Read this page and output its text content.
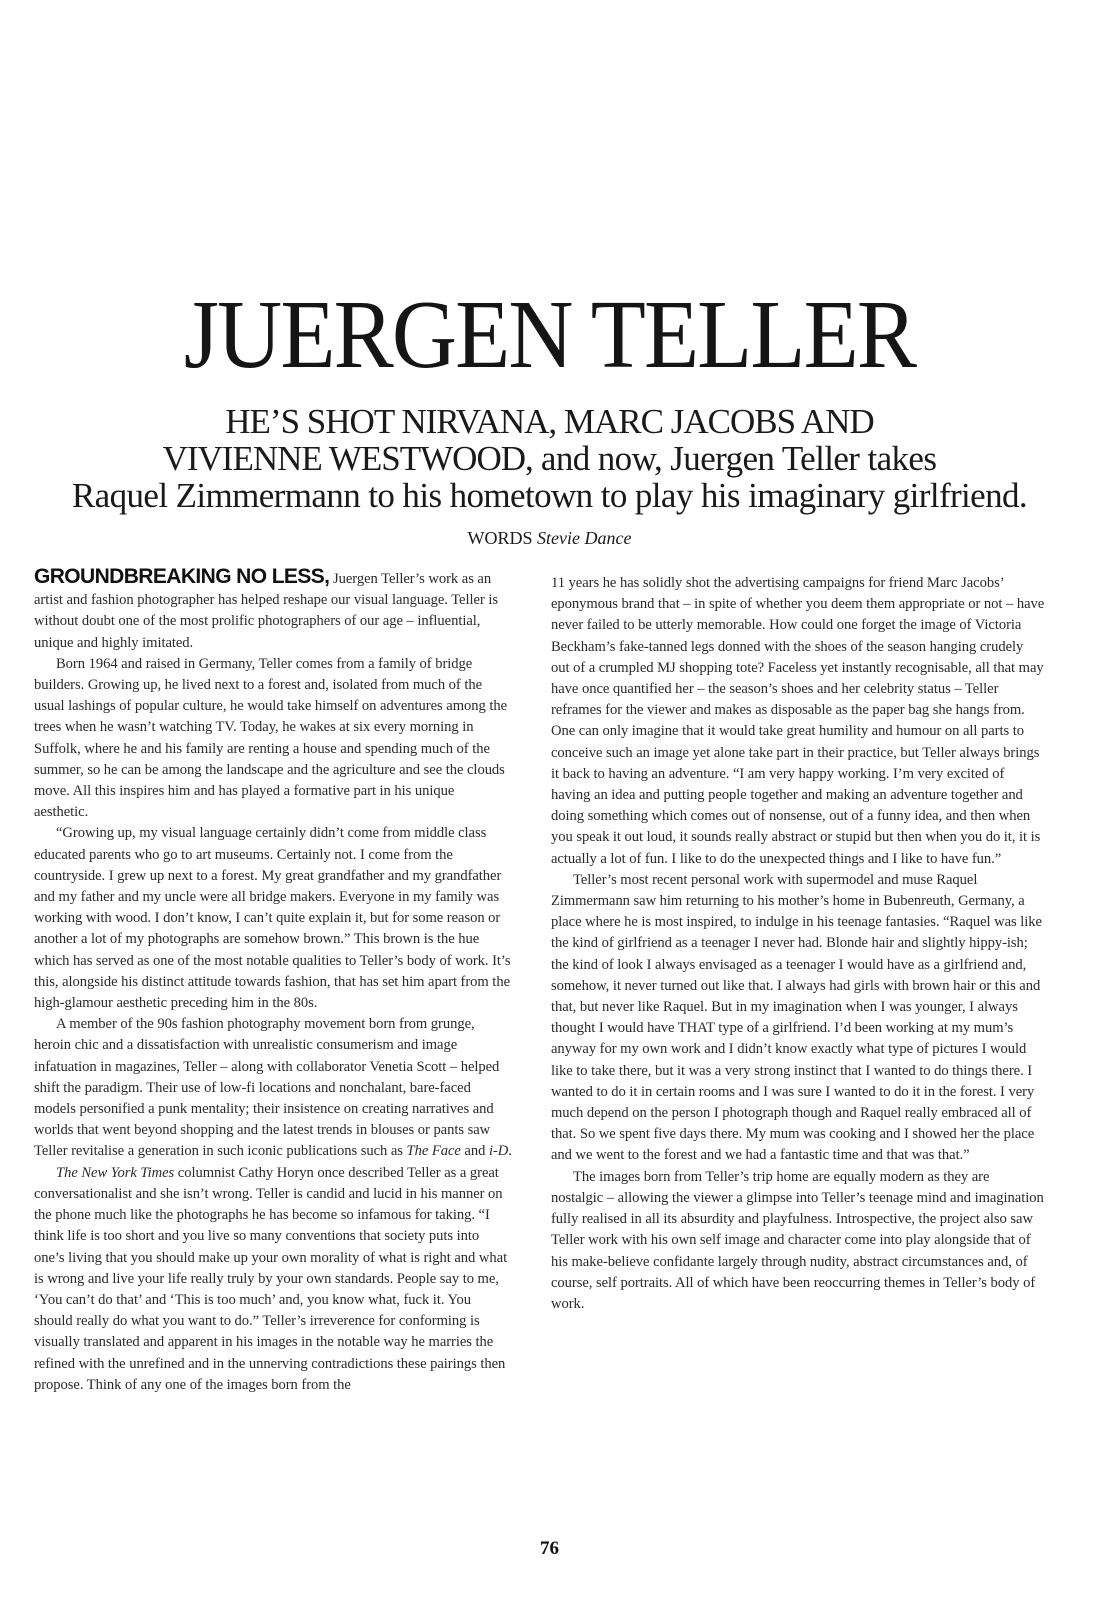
JUERGEN TELLER
HE’S SHOT NIRVANA, MARC JACOBS AND
VIVIENNE WESTWOOD, and now, Juergen Teller takes
Raquel Zimmermann to his hometown to play his imaginary girlfriend.
WORDS Stevie Dance

GROUNDBREAKING NO LESS, Juergen Teller’s work as an artist and fashion photographer has helped reshape our visual language. Teller is without doubt one of the most prolific photographers of our age – influential, unique and highly imitated.

Born 1964 and raised in Germany, Teller comes from a family of bridge builders. Growing up, he lived next to a forest and, isolated from much of the usual lashings of popular culture, he would take himself on adventures among the trees when he wasn’t watching TV. Today, he wakes at six every morning in Suffolk, where he and his family are renting a house and spending much of the summer, so he can be among the landscape and the agriculture and see the clouds move. All this inspires him and has played a formative part in his unique aesthetic.

“Growing up, my visual language certainly didn’t come from middle class educated parents who go to art museums. Certainly not. I come from the countryside. I grew up next to a forest. My great grandfather and my grandfather and my father and my uncle were all bridge makers. Everyone in my family was working with wood. I don’t know, I can’t quite explain it, but for some reason or another a lot of my photographs are somehow brown.” This brown is the hue which has served as one of the most notable qualities to Teller’s body of work. It’s this, alongside his distinct attitude towards fashion, that has set him apart from the high-glamour aesthetic preceding him in the 80s.

A member of the 90s fashion photography movement born from grunge, heroin chic and a dissatisfaction with unrealistic consumerism and image infatuation in magazines, Teller – along with collaborator Venetia Scott – helped shift the paradigm. Their use of low-fi locations and nonchalant, bare-faced models personified a punk mentality; their insistence on creating narratives and worlds that went beyond shopping and the latest trends in blouses or pants saw Teller revitalise a generation in such iconic publications such as The Face and i-D.

The New York Times columnist Cathy Horyn once described Teller as a great conversationalist and she isn’t wrong. Teller is candid and lucid in his manner on the phone much like the photographs he has become so infamous for taking. “I think life is too short and you live so many conventions that society puts into one’s living that you should make up your own morality of what is right and what is wrong and live your life really truly by your own standards. People say to me, ‘You can’t do that’ and ‘This is too much’ and, you know what, fuck it. You should really do what you want to do.” Teller’s irreverence for conforming is visually translated and apparent in his images in the notable way he marries the refined with the unrefined and in the unnerving contradictions these pairings then propose. Think of any one of the images born from the

11 years he has solidly shot the advertising campaigns for friend Marc Jacobs’ eponymous brand that – in spite of whether you deem them appropriate or not – have never failed to be utterly memorable. How could one forget the image of Victoria Beckham’s fake-tanned legs donned with the shoes of the season hanging crudely out of a crumpled MJ shopping tote? Faceless yet instantly recognisable, all that may have once quantified her – the season’s shoes and her celebrity status – Teller reframes for the viewer and makes as disposable as the paper bag she hangs from. One can only imagine that it would take great humility and humour on all parts to conceive such an image yet alone take part in their practice, but Teller always brings it back to having an adventure. “I am very happy working. I’m very excited of having an idea and putting people together and making an adventure together and doing something which comes out of nonsense, out of a funny idea, and then when you speak it out loud, it sounds really abstract or stupid but then when you do it, it is actually a lot of fun. I like to do the unexpected things and I like to have fun.”

Teller’s most recent personal work with supermodel and muse Raquel Zimmermann saw him returning to his mother’s home in Bubenreuth, Germany, a place where he is most inspired, to indulge in his teenage fantasies. “Raquel was like the kind of girlfriend as a teenager I never had. Blonde hair and slightly hippy-ish; the kind of look I always envisaged as a teenager I would have as a girlfriend and, somehow, it never turned out like that. I always had girls with brown hair or this and that, but never like Raquel. But in my imagination when I was younger, I always thought I would have THAT type of a girlfriend. I’d been working at my mum’s anyway for my own work and I didn’t know exactly what type of pictures I would like to take there, but it was a very strong instinct that I wanted to do things there. I wanted to do it in certain rooms and I was sure I wanted to do it in the forest. I very much depend on the person I photograph though and Raquel really embraced all of that. So we spent five days there. My mum was cooking and I showed her the place and we went to the forest and we had a fantastic time and that was that.”

The images born from Teller’s trip home are equally modern as they are nostalgic – allowing the viewer a glimpse into Teller’s teenage mind and imagination fully realised in all its absurdity and playfulness. Introspective, the project also saw Teller work with his own self image and character come into play alongside that of his make-believe confidante largely through nudity, abstract circumstances and, of course, self portraits. All of which have been reoccurring themes in Teller’s body of work.

76
